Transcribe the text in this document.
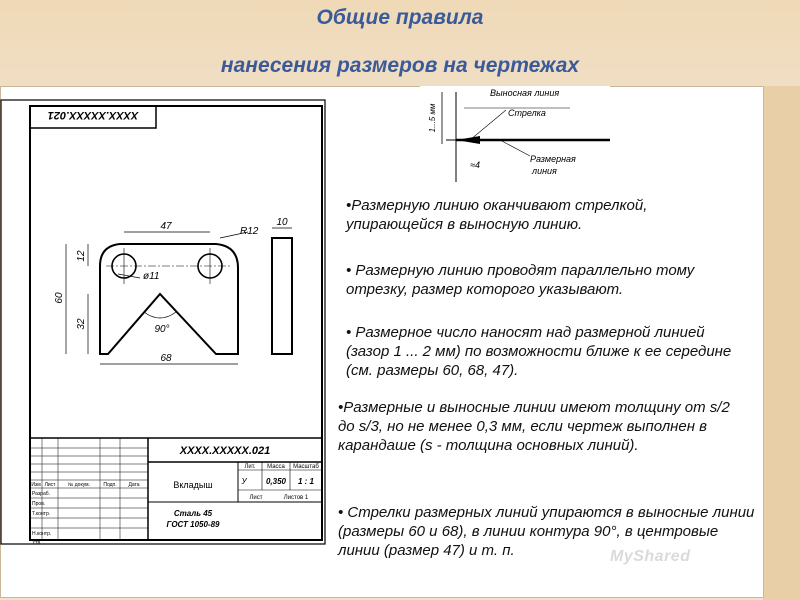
Общие правила
нанесения размеров на чертежах
XXXX.XXXXX.021
47	R12
ø11
12
60
32	90°
68
10
XXXX.XXXXX.021
Лит. Масса Масштаб
У 0,350 1 : 1
Лист	Листов 1
Вкладыш
Сталь 45
ГОСТ 1050-89
Изм Лист	№ докум.	Подп. Дата
Разраб.
Пров.
Т.контр.
Н.контр.
Утв.
1...5 мм
Выносная линия
Стрелка
Размерная
линия
≈4

•Размерную линию оканчивают стрелкой, упирающейся в выносную линию.

• Размерную линию проводят параллельно тому отрезку, размер которого указывают.

• Размерное число наносят над размерной линией (зазор 1 ... 2 мм) по возможности ближе к ее середине (см. размеры 60, 68, 47).

•Размерные и выносные линии имеют толщину от s/2 до s/3, но не менее 0,3 мм, если чертеж выполнен в карандаше (s - толщина основных линий).

• Стрелки размерных линий упираются в выносные линии (размеры 60 и 68), в линии контура 90°, в центровые линии (размер 47) и т. п.	MyShared
